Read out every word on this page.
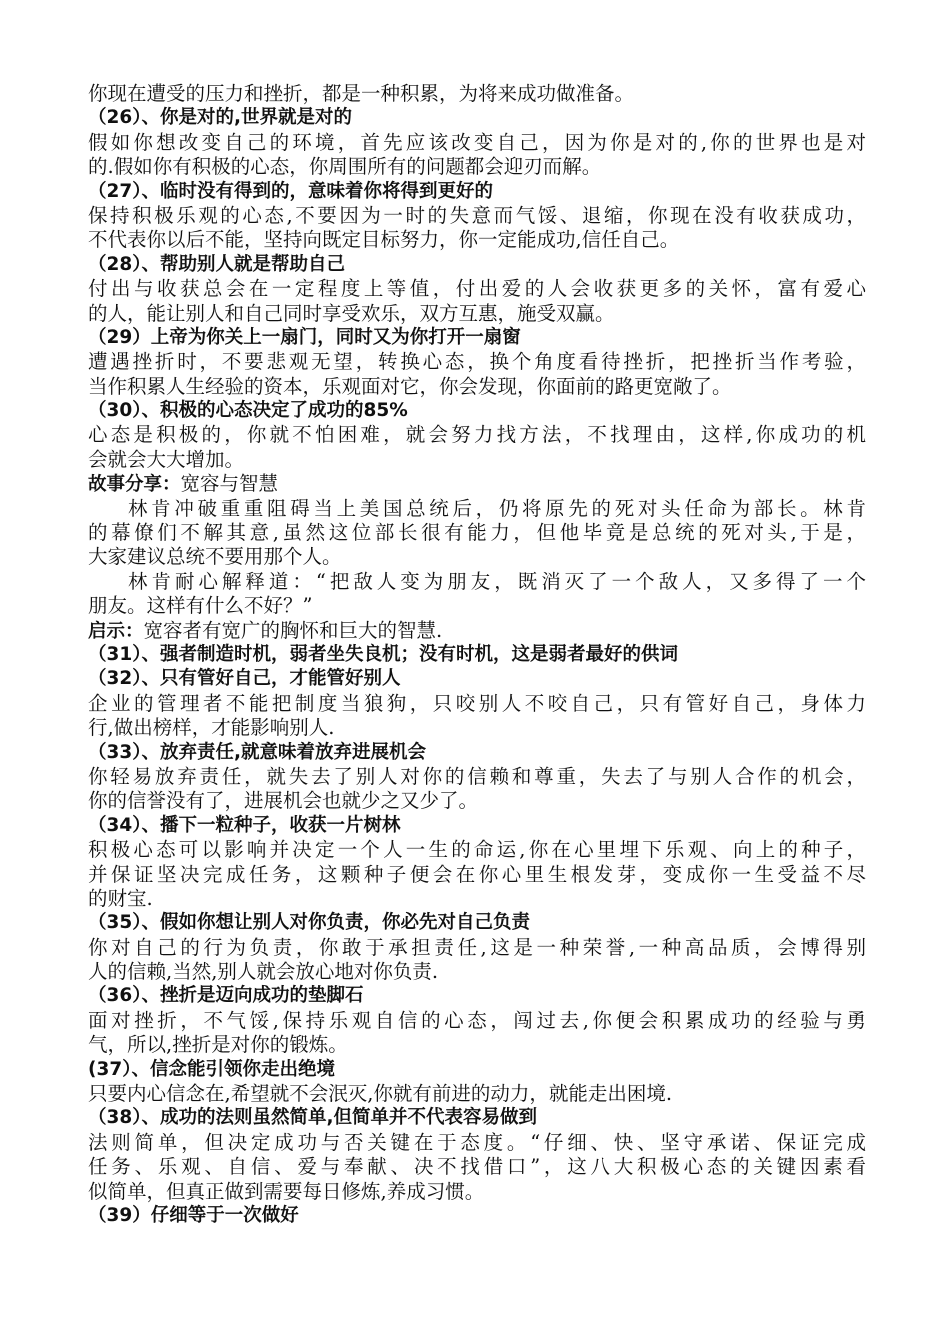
你现在遭受的压力和挫折，都是一种积累，为将来成功做准备。
（26）、你是对的,世界就是对的
假如你想改变自己的环境，首先应该改变自己，因为你是对的,你的世界也是对
的.假如你有积极的心态，你周围所有的问题都会迎刃而解。
（27）、临时没有得到的，意味着你将得到更好的
保持积极乐观的心态,不要因为一时的失意而气馁、退缩，你现在没有收获成功，
不代表你以后不能，坚持向既定目标努力，你一定能成功,信任自己。
（28）、帮助别人就是帮助自己
付出与收获总会在一定程度上等值，付出爱的人会收获更多的关怀，富有爱心
的人，能让别人和自己同时享受欢乐，双方互惠，施受双赢。
（29）上帝为你关上一扇门，同时又为你打开一扇窗
遭遇挫折时，不要悲观无望，转换心态，换个角度看待挫折，把挫折当作考验，
当作积累人生经验的资本，乐观面对它，你会发现，你面前的路更宽敞了。
（30）、积极的心态决定了成功的85%
心态是积极的，你就不怕困难，就会努力找方法，不找理由，这样,你成功的机
会就会大大增加。
故事分享：宽容与智慧
林肯冲破重重阻碍当上美国总统后，仍将原先的死对头任命为部长。林肯
的幕僚们不解其意,虽然这位部长很有能力，但他毕竟是总统的死对头,于是，
大家建议总统不要用那个人。
林肯耐心解释道：“把敌人变为朋友，既消灭了一个敌人，又多得了一个
朋友。这样有什么不好？”
启示：宽容者有宽广的胸怀和巨大的智慧.
（31）、强者制造时机，弱者坐失良机；没有时机，这是弱者最好的供词
（32）、只有管好自己，才能管好别人
企业的管理者不能把制度当狼狗，只咬别人不咬自己，只有管好自己，身体力
行,做出榜样，才能影响别人.
（33）、放弃责任,就意味着放弃进展机会
你轻易放弃责任，就失去了别人对你的信赖和尊重，失去了与别人合作的机会，
你的信誉没有了，进展机会也就少之又少了。
（34）、播下一粒种子，收获一片树林
积极心态可以影响并决定一个人一生的命运,你在心里埋下乐观、向上的种子，
并保证坚决完成任务，这颗种子便会在你心里生根发芽，变成你一生受益不尽
的财宝.
（35）、假如你想让别人对你负责，你必先对自己负责
你对自己的行为负责，你敢于承担责任,这是一种荣誉,一种高品质，会博得别
人的信赖,当然,别人就会放心地对你负责.
（36）、挫折是迈向成功的垫脚石
面对挫折，不气馁,保持乐观自信的心态，闯过去,你便会积累成功的经验与勇
气，所以,挫折是对你的锻炼。
(37）、信念能引领你走出绝境
只要内心信念在,希望就不会泯灭,你就有前进的动力，就能走出困境.
（38）、成功的法则虽然简单,但简单并不代表容易做到
法则简单，但决定成功与否关键在于态度。“仔细、快、坚守承诺、保证完成
任务、乐观、自信、爱与奉献、决不找借口”，这八大积极心态的关键因素看
似简单，但真正做到需要每日修炼,养成习惯。
（39）仔细等于一次做好
